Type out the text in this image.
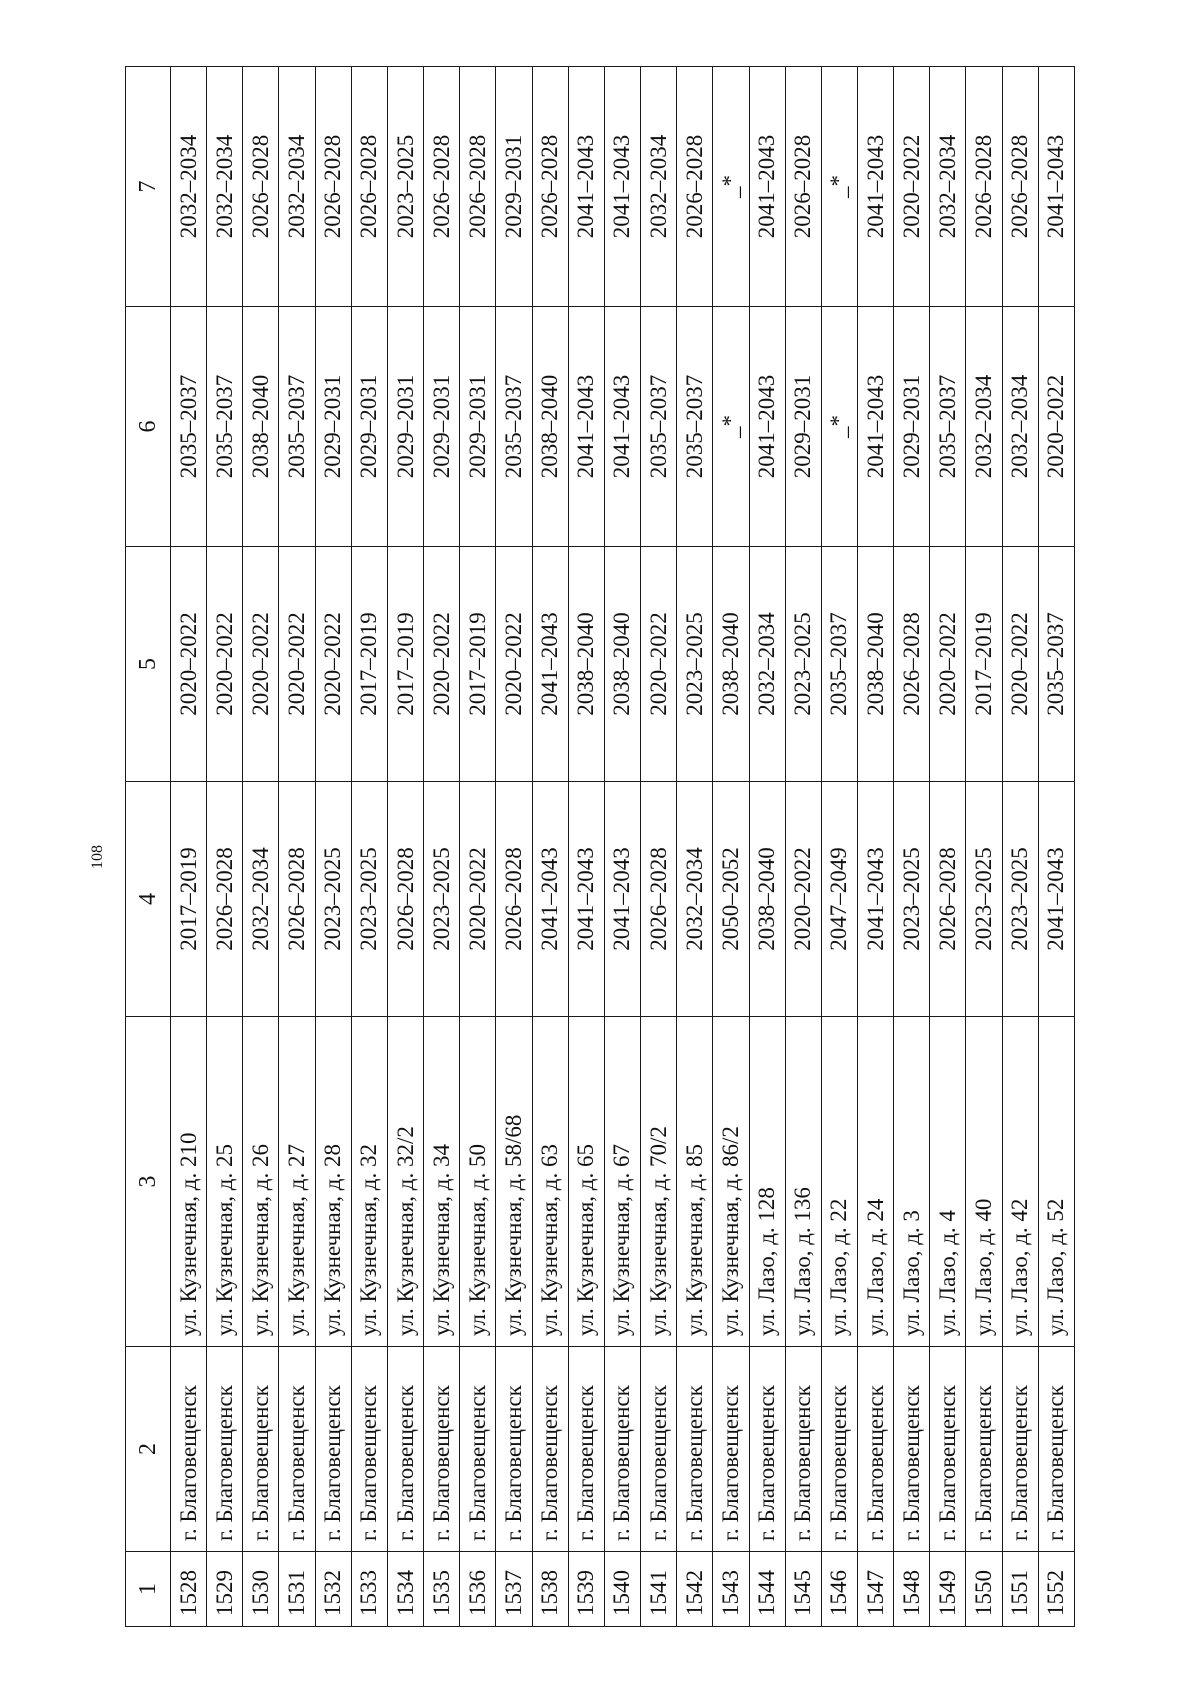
108
1	2	3	4	5	6	7
1528	г. Благовещенск	ул. Кузнечная, д. 210	2017–2019	2020–2022	2035–2037	2032–2034
1529	г. Благовещенск	ул. Кузнечная, д. 25	2026–2028	2020–2022	2035–2037	2032–2034
1530	г. Благовещенск	ул. Кузнечная, д. 26	2032–2034	2020–2022	2038–2040	2026–2028
1531	г. Благовещенск	ул. Кузнечная, д. 27	2026–2028	2020–2022	2035–2037	2032–2034
1532	г. Благовещенск	ул. Кузнечная, д. 28	2023–2025	2020–2022	2029–2031	2026–2028
1533	г. Благовещенск	ул. Кузнечная, д. 32	2023–2025	2017–2019	2029–2031	2026–2028
1534	г. Благовещенск	ул. Кузнечная, д. 32/2	2026–2028	2017–2019	2029–2031	2023–2025
1535	г. Благовещенск	ул. Кузнечная, д. 34	2023–2025	2020–2022	2029–2031	2026–2028
1536	г. Благовещенск	ул. Кузнечная, д. 50	2020–2022	2017–2019	2029–2031	2026–2028
1537	г. Благовещенск	ул. Кузнечная, д. 58/68	2026–2028	2020–2022	2035–2037	2029–2031
1538	г. Благовещенск	ул. Кузнечная, д. 63	2041–2043	2041–2043	2038–2040	2026–2028
1539	г. Благовещенск	ул. Кузнечная, д. 65	2041–2043	2038–2040	2041–2043	2041–2043
1540	г. Благовещенск	ул. Кузнечная, д. 67	2041–2043	2038–2040	2041–2043	2041–2043
1541	г. Благовещенск	ул. Кузнечная, д. 70/2	2026–2028	2020–2022	2035–2037	2032–2034
1542	г. Благовещенск	ул. Кузнечная, д. 85	2032–2034	2023–2025	2035–2037	2026–2028
1543	г. Благовещенск	ул. Кузнечная, д. 86/2	2050–2052	2038–2040	_*	_*
1544	г. Благовещенск	ул. Лазо, д. 128	2038–2040	2032–2034	2041–2043	2041–2043
1545	г. Благовещенск	ул. Лазо, д. 136	2020–2022	2023–2025	2029–2031	2026–2028
1546	г. Благовещенск	ул. Лазо, д. 22	2047–2049	2035–2037	_*	_*
1547	г. Благовещенск	ул. Лазо, д. 24	2041–2043	2038–2040	2041–2043	2041–2043
1548	г. Благовещенск	ул. Лазо, д. 3	2023–2025	2026–2028	2029–2031	2020–2022
1549	г. Благовещенск	ул. Лазо, д. 4	2026–2028	2020–2022	2035–2037	2032–2034
1550	г. Благовещенск	ул. Лазо, д. 40	2023–2025	2017–2019	2032–2034	2026–2028
1551	г. Благовещенск	ул. Лазо, д. 42	2023–2025	2020–2022	2032–2034	2026–2028
1552	г. Благовещенск	ул. Лазо, д. 52	2041–2043	2035–2037	2020–2022	2041–2043
